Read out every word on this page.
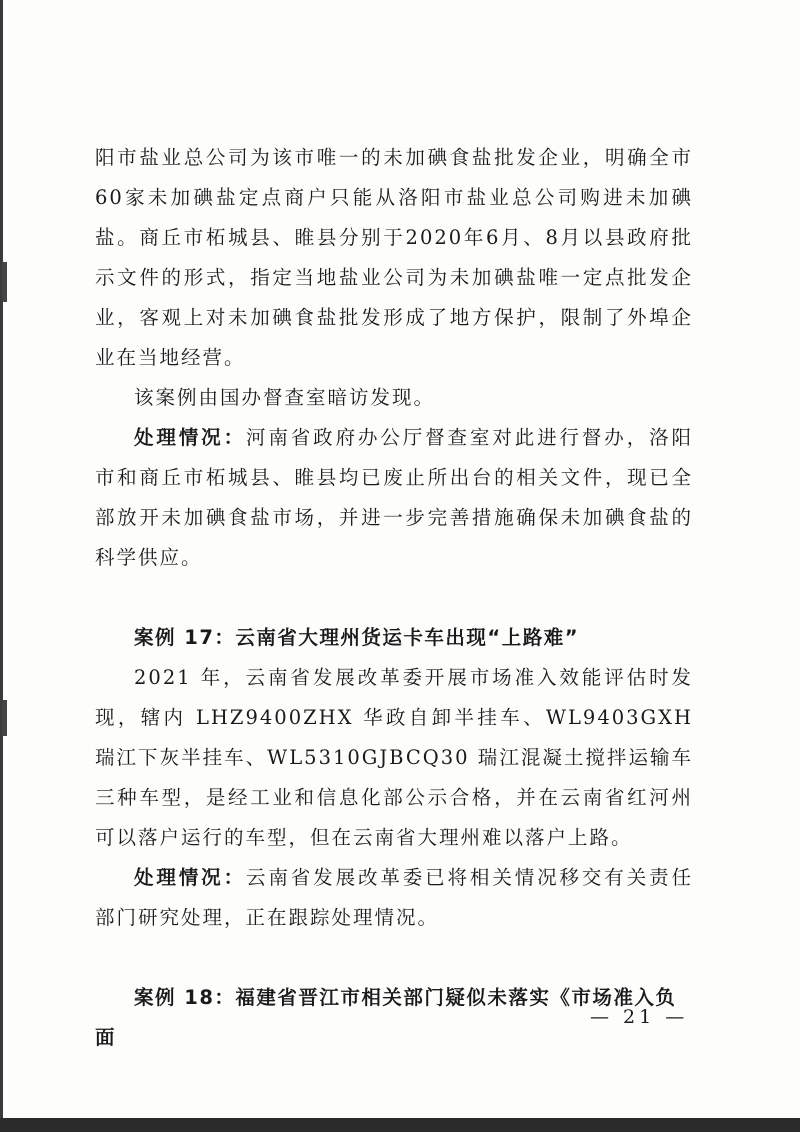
阳市盐业总公司为该市唯一的未加碘食盐批发企业，明确全市60家未加碘盐定点商户只能从洛阳市盐业总公司购进未加碘盐。商丘市柘城县、睢县分别于2020年6月、8月以县政府批示文件的形式，指定当地盐业公司为未加碘盐唯一定点批发企业，客观上对未加碘食盐批发形成了地方保护，限制了外埠企业在当地经营。

该案例由国办督查室暗访发现。

处理情况：河南省政府办公厅督查室对此进行督办，洛阳市和商丘市柘城县、睢县均已废止所出台的相关文件，现已全部放开未加碘食盐市场，并进一步完善措施确保未加碘食盐的科学供应。

案例 17：云南省大理州货运卡车出现“上路难”

2021 年，云南省发展改革委开展市场准入效能评估时发现，辖内 LHZ9400ZHX 华政自卸半挂车、WL9403GXH 瑞江下灰半挂车、WL5310GJBCQ30 瑞江混凝土搅拌运输车三种车型，是经工业和信息化部公示合格，并在云南省红河州可以落户运行的车型，但在云南省大理州难以落户上路。

处理情况：云南省发展改革委已将相关情况移交有关责任部门研究处理，正在跟踪处理情况。

案例 18：福建省晋江市相关部门疑似未落实《市场准入负面

— 21 —
